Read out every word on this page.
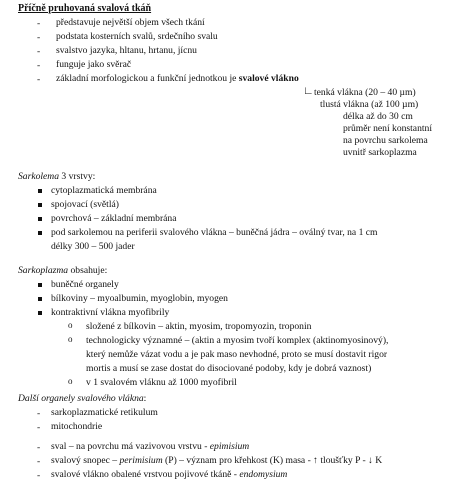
Příčně pruhovaná svalová tkáň
- představuje největší objem všech tkání
- podstata kosterních svalů, srdečního svalu
- svalstvo jazyka, hltanu, hrtanu, jícnu
- funguje jako svěrač
- základní morfologickou a funkční jednotkou je svalové vlákno
∟ tenká vlákna (20 – 40 µm)
tlustá vlákna (až 100 µm)
délka až do 30 cm
průměr není konstantní
na povrchu sarkolema
uvnitř sarkoplazma
Sarkolema 3 vrstvy:
cytoplazmatická membrána
spojovací (světlá)
povrchová – základní membrána
pod sarkolemou na periferii svalového vlákna – buněčná jádra – oválný tvar, na 1 cm
délky 300 – 500 jader
Sarkoplazma obsahuje:
buněčné organely
bílkoviny – myoalbumin, myoglobin, myogen
kontraktivní vlákna myofibrily
o složené z bílkovin – aktin, myosim, tropomyozin, troponin
o technologicky významné – (aktin a myosim tvoří komplex (aktinomyosinový),
který nemůže vázat vodu a je pak maso nevhodné, proto se musí dostavit rigor
mortis a musí se zase dostat do disociované podoby, kdy je dobrá vaznost)
o v 1 svalovém vláknu až 1000 myofibril
Další organely svalového vlákna:
- sarkoplazmatické retikulum
- mitochondrie
- sval – na povrchu má vazivovou vrstvu - epimisium
- svalový snopec – perimisium (P) – význam pro křehkost (K) masa - ↑ tloušťky P - ↓ K
- svalové vlákno obalené vrstvou pojivové tkáně - endomysium
